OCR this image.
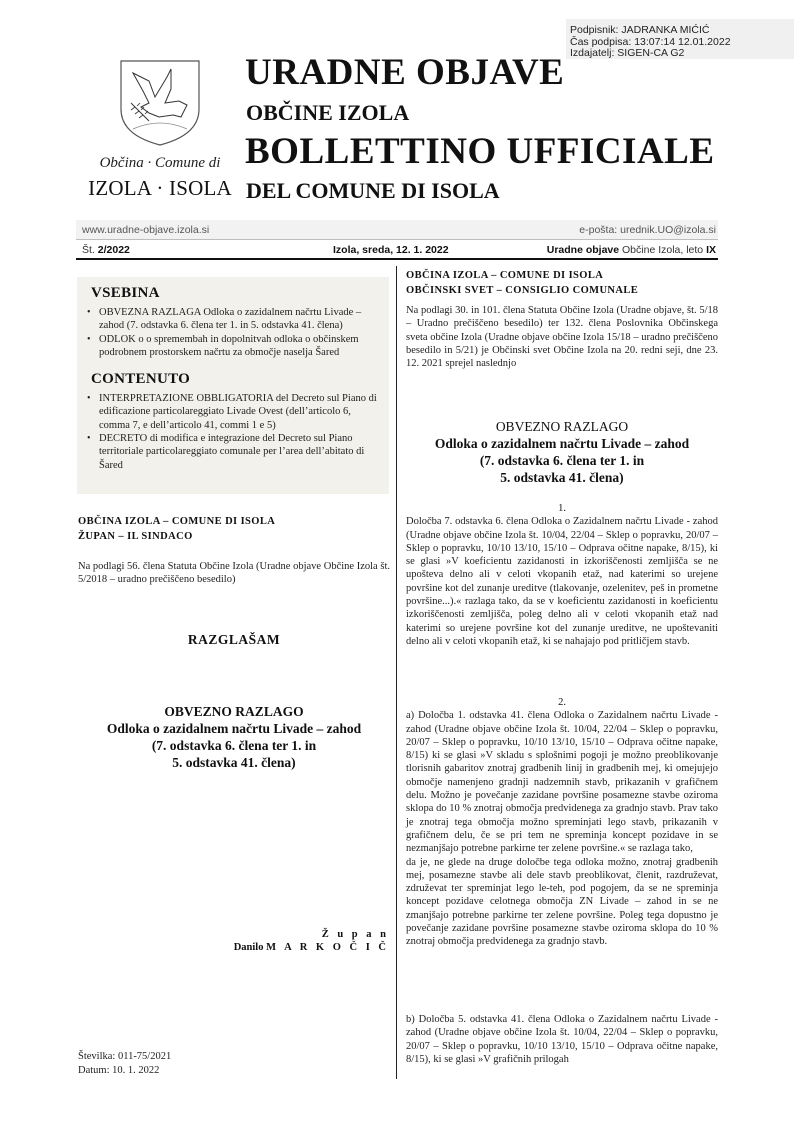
Podpisnik: JADRANKA MIĆIĆ
Čas podpisa: 13:07:14 12.01.2022
Izdajatelj: SIGEN-CA G2
Občina · Comune di
IZOLA · ISOLA
URADNE OBJAVE
OBČINE IZOLA
BOLLETTINO UFFICIALE
DEL COMUNE DI ISOLA
www.uradne-objave.izola.si	e-pošta: urednik.UO@izola.si
Št. 2/2022	Izola, sreda, 12. 1. 2022	Uradne objave Občine Izola, leto IX
VSEBINA
• OBVEZNA RAZLAGA Odloka o zazidalnem načrtu Livade – zahod (7. odstavka 6. člena ter 1. in 5. odstavka 41. člena)
• ODLOK o o spremembah in dopolnitvah odloka o občinskem podrobnem prostorskem načrtu za območje naselja Šared
CONTENUTO
• INTERPRETAZIONE OBBLIGATORIA del Decreto sul Piano di edificazione particolareggiato Livade Ovest (dell’articolo 6, comma 7, e dell’articolo 41, commi 1 e 5)
• DECRETO di modifica e integrazione del Decreto sul Piano territoriale particolareggiato comunale per l’area dell’abitato di Šared
OBČINA IZOLA – COMUNE DI ISOLA
ŽUPAN – IL SINDACO

Na podlagi 56. člena Statuta Občine Izola (Uradne objave Občine Izola št. 5/2018 – uradno prečiščeno besedilo)

RAZGLAŠAM
OBVEZNO RAZLAGO
Odloka o zazidalnem načrtu Livade – zahod
(7. odstavka 6. člena ter 1. in
5. odstavka 41. člena)
Ž u p a n
Danilo M A R K O Č I Č
Številka: 011-75/2021
Datum: 10. 1. 2022
OBČINA IZOLA – COMUNE DI ISOLA
OBČINSKI SVET – CONSIGLIO COMUNALE

Na podlagi 30. in 101. člena Statuta Občine Izola (Uradne objave, št. 5/18 – Uradno prečiščeno besedilo) ter 132. člena Poslovnika Občinskega sveta občine Izola (Uradne objave občine Izola 15/18 – uradno prečiščeno besedilo in 5/21) je Občinski svet Občine Izola na 20. redni seji, dne 23. 12. 2021 sprejel naslednjo

OBVEZNO RAZLAGO
Odloka o zazidalnem načrtu Livade – zahod
(7. odstavka 6. člena ter 1. in
5. odstavka 41. člena)
1.

Določba 7. odstavka 6. člena Odloka o Zazidalnem načrtu Livade - zahod (Uradne objave občine Izola št. 10/04, 22/04 – Sklep o popravku, 20/07 – Sklep o popravku, 10/10 13/10, 15/10 – Odprava očitne napake, 8/15), ki se glasi »V koeficientu zazidanosti in izkoriščenosti zemljišča se ne upošteva delno ali v celoti vkopanih etaž, nad katerimi so urejene površine kot del zunanje ureditve (tlakovanje, ozelenitev, peš in prometne površine...).« razlaga tako, da se v koeficientu zazidanosti in koeficientu izkoriščenosti zemljišča, poleg delno ali v celoti vkopanih etaž nad katerimi so urejene površine kot del zunanje ureditve, ne upoštevaniti delno ali v celoti vkopanih etaž, ki se nahajajo pod pritličjem stavb.

2.

a) Določba 1. odstavka 41. člena Odloka o Zazidalnem načrtu Livade - zahod (Uradne objave občine Izola št. 10/04, 22/04 – Sklep o popravku, 20/07 – Sklep o popravku, 10/10 13/10, 15/10 – Odprava očitne napake, 8/15) ki se glasi »V skladu s splošnimi pogoji je možno preoblikovanje tlorisnih gabaritov znotraj gradbenih linij in gradbenih mej, ki omejujejo območje namenjeno gradnji nadzemnih stavb, prikazanih v grafičnem delu. Možno je povečanje zazidane površine posamezne stavbe oziroma sklopa do 10 % znotraj območja predvidenega za gradnjo stavb. Prav tako je znotraj tega območja možno spreminjati lego stavb, prikazanih v grafičnem delu, če se pri tem ne spreminja koncept pozidave in se nezmanjšajo potrebne parkirne ter zelene površine.« se razlaga tako,

da je, ne glede na druge določbe tega odloka možno, znotraj gradbenih mej, posamezne stavbe ali dele stavb preoblikovat, členit, razdruževat, združevat ter spreminjat lego le-teh, pod pogojem, da se ne spreminja koncept pozidave celotnega območja ZN Livade – zahod in se ne zmanjšajo potrebne parkirne ter zelene površine. Poleg tega dopustno je povečanje zazidane površine posamezne stavbe oziroma sklopa do 10 % znotraj območja predvidenega za gradnjo stavb.

b) Določba 5. odstavka 41. člena Odloka o Zazidalnem načrtu Livade - zahod (Uradne objave občine Izola št. 10/04, 22/04 – Sklep o popravku, 20/07 – Sklep o popravku, 10/10 13/10, 15/10 – Odprava očitne napake, 8/15), ki se glasi »V grafičnih prilogah
